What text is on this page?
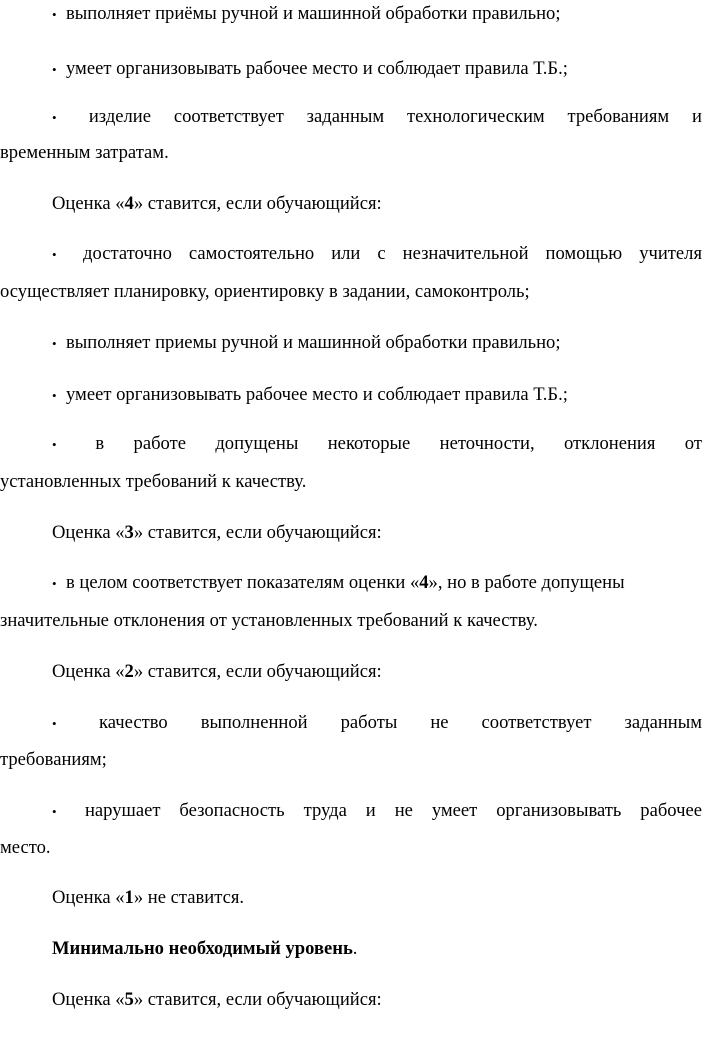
• выполняет приёмы ручной и машинной обработки правильно;
• умеет организовывать рабочее место и соблюдает правила Т.Б.;
• изделие соответствует заданным технологическим требованиям и
временным затратам.
Оценка «4» ставится, если обучающийся:
• достаточно самостоятельно или с незначительной помощью учителя
осуществляет планировку, ориентировку в задании, самоконтроль;
• выполняет приемы ручной и машинной обработки правильно;
• умеет организовывать рабочее место и соблюдает правила Т.Б.;
• в работе допущены некоторые неточности, отклонения от
установленных требований к качеству.
Оценка «3» ставится, если обучающийся:
• в целом соответствует показателям оценки «4», но в работе допущены
значительные отклонения от установленных требований к качеству.
Оценка «2» ставится, если обучающийся:
• качество выполненной работы не соответствует заданным
требованиям;
• нарушает безопасность труда и не умеет организовывать рабочее
место.
Оценка «1» не ставится.
Минимально необходимый уровень.
Оценка «5» ставится, если обучающийся:
